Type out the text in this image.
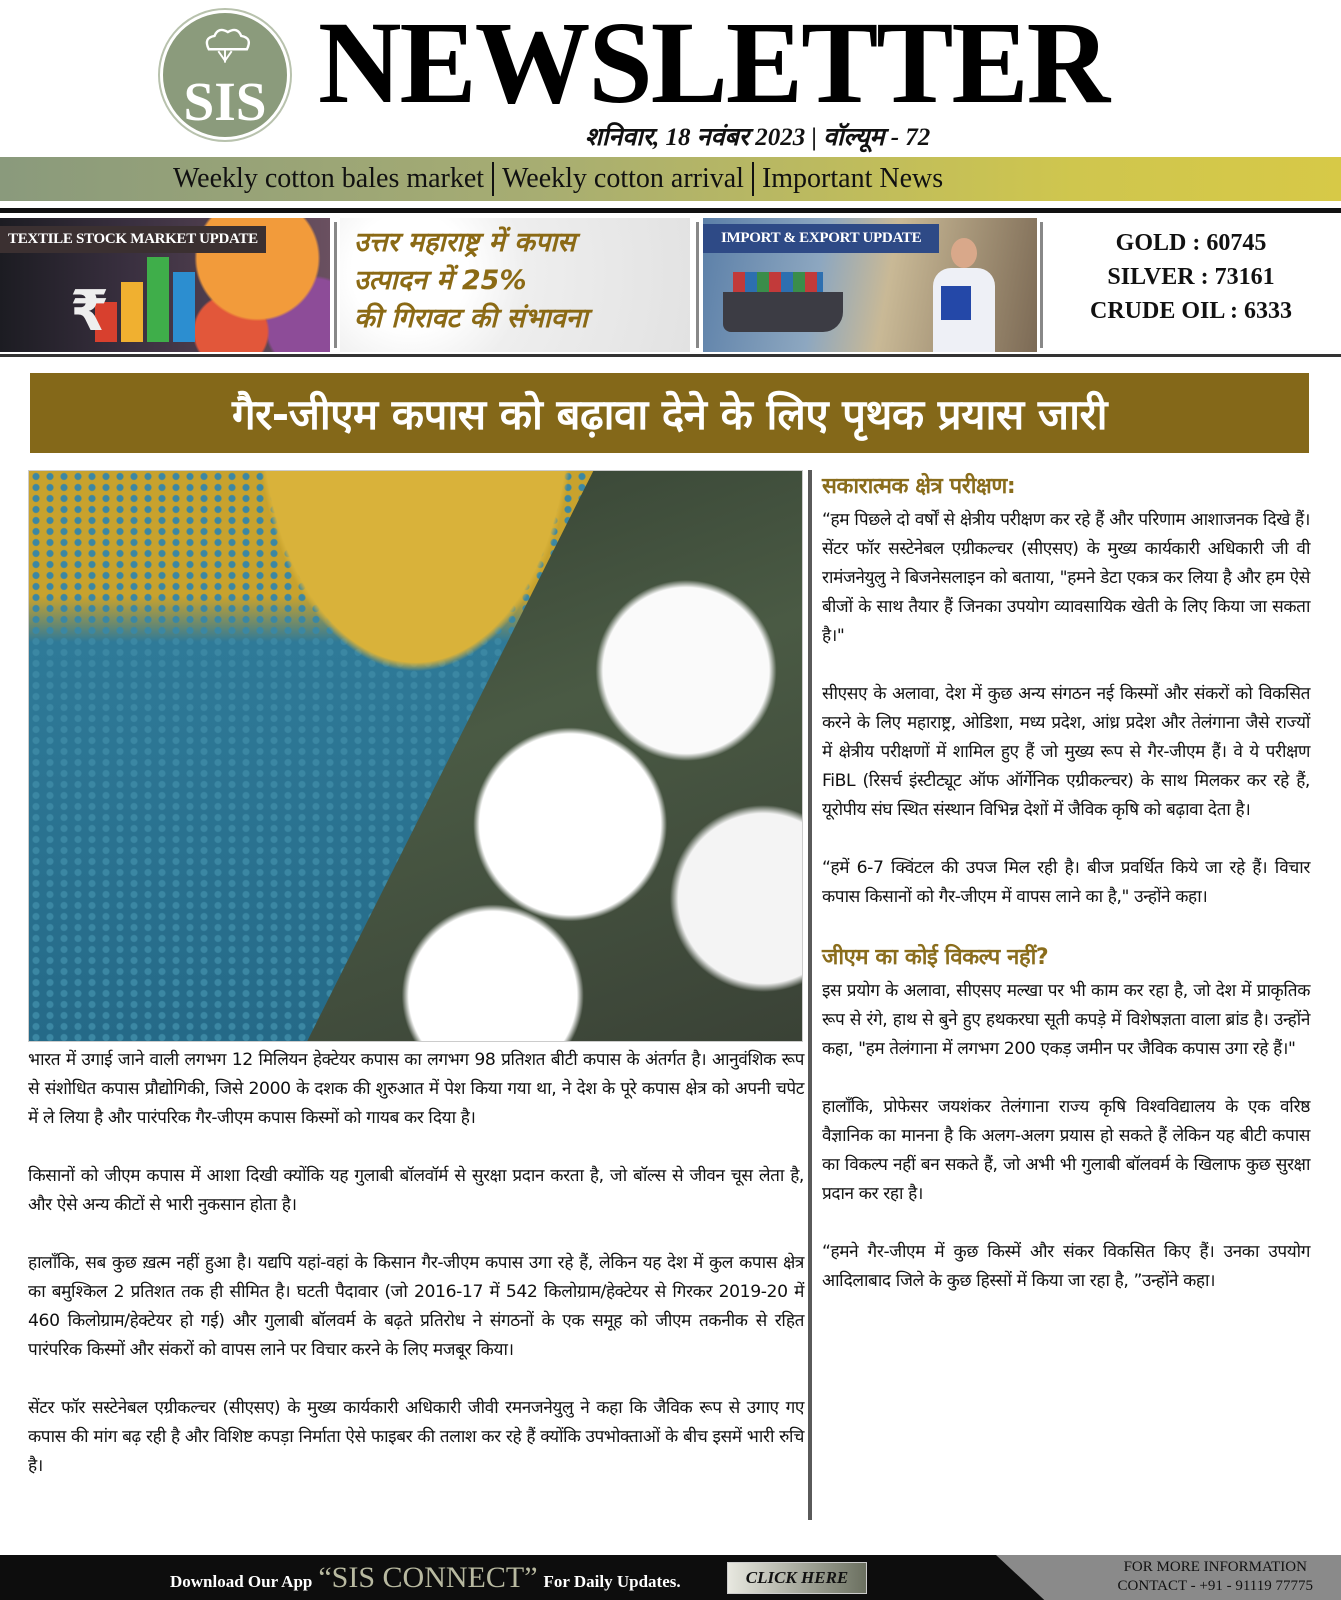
SIS NEWSLETTER
शनिवार, 18 नवंबर 2023 | वॉल्यूम - 72
Weekly cotton bales market Weekly cotton arrival Important News
₹
TEXTILE STOCK MARKET UPDATE	उत्तर महाराष्ट्र में कपास
उत्पादन में 25%
की गिरावट की संभावना
IMPORT & EXPORT UPDATE	GOLD : 60745
SILVER : 73161
CRUDE OIL : 6333
गैर-जीएम कपास को बढ़ावा देने के लिए पृथक प्रयास जारी

भारत में उगाई जाने वाली लगभग 12 मिलियन हेक्टेयर कपास का लगभग 98 प्रतिशत बीटी कपास के अंतर्गत है। आनुवंशिक रूप से संशोधित कपास प्रौद्योगिकी, जिसे 2000 के दशक की शुरुआत में पेश किया गया था, ने देश के पूरे कपास क्षेत्र को अपनी चपेट में ले लिया है और पारंपरिक गैर-जीएम कपास किस्मों को गायब कर दिया है।

किसानों को जीएम कपास में आशा दिखी क्योंकि यह गुलाबी बॉलवॉर्म से सुरक्षा प्रदान करता है, जो बॉल्स से जीवन चूस लेता है, और ऐसे अन्य कीटों से भारी नुकसान होता है।

हालाँकि, सब कुछ ख़त्म नहीं हुआ है। यद्यपि यहां-वहां के किसान गैर-जीएम कपास उगा रहे हैं, लेकिन यह देश में कुल कपास क्षेत्र का बमुश्किल 2 प्रतिशत तक ही सीमित है। घटती पैदावार (जो 2016-17 में 542 किलोग्राम/हेक्टेयर से गिरकर 2019-20 में 460 किलोग्राम/हेक्टेयर हो गई) और गुलाबी बॉलवर्म के बढ़ते प्रतिरोध ने संगठनों के एक समूह को जीएम तकनीक से रहित पारंपरिक किस्मों और संकरों को वापस लाने पर विचार करने के लिए मजबूर किया।

सेंटर फॉर सस्टेनेबल एग्रीकल्चर (सीएसए) के मुख्य कार्यकारी अधिकारी जीवी रमनजनेयुलु ने कहा कि जैविक रूप से उगाए गए कपास की मांग बढ़ रही है और विशिष्ट कपड़ा निर्माता ऐसे फाइबर की तलाश कर रहे हैं क्योंकि उपभोक्ताओं के बीच इसमें भारी रुचि है।

सकारात्मक क्षेत्र परीक्षण:

“हम पिछले दो वर्षों से क्षेत्रीय परीक्षण कर रहे हैं और परिणाम आशाजनक दिखे हैं। सेंटर फॉर सस्टेनेबल एग्रीकल्चर (सीएसए) के मुख्य कार्यकारी अधिकारी जी वी रामंजनेयुलु ने बिजनेसलाइन को बताया, "हमने डेटा एकत्र कर लिया है और हम ऐसे बीजों के साथ तैयार हैं जिनका उपयोग व्यावसायिक खेती के लिए किया जा सकता है।"

सीएसए के अलावा, देश में कुछ अन्य संगठन नई किस्मों और संकरों को विकसित करने के लिए महाराष्ट्र, ओडिशा, मध्य प्रदेश, आंध्र प्रदेश और तेलंगाना जैसे राज्यों में क्षेत्रीय परीक्षणों में शामिल हुए हैं जो मुख्य रूप से गैर-जीएम हैं। वे ये परीक्षण FiBL (रिसर्च इंस्टीट्यूट ऑफ ऑर्गेनिक एग्रीकल्चर) के साथ मिलकर कर रहे हैं, यूरोपीय संघ स्थित संस्थान विभिन्न देशों में जैविक कृषि को बढ़ावा देता है।

“हमें 6-7 क्विंटल की उपज मिल रही है। बीज प्रवर्धित किये जा रहे हैं। विचार कपास किसानों को गैर-जीएम में वापस लाने का है," उन्होंने कहा।

जीएम का कोई विकल्प नहीं?

इस प्रयोग के अलावा, सीएसए मल्खा पर भी काम कर रहा है, जो देश में प्राकृतिक रूप से रंगे, हाथ से बुने हुए हथकरघा सूती कपड़े में विशेषज्ञता वाला ब्रांड है। उन्होंने कहा, "हम तेलंगाना में लगभग 200 एकड़ जमीन पर जैविक कपास उगा रहे हैं।"

हालाँकि, प्रोफेसर जयशंकर तेलंगाना राज्य कृषि विश्वविद्यालय के एक वरिष्ठ वैज्ञानिक का मानना है कि अलग-अलग प्रयास हो सकते हैं लेकिन यह बीटी कपास का विकल्प नहीं बन सकते हैं, जो अभी भी गुलाबी बॉलवर्म के खिलाफ कुछ सुरक्षा प्रदान कर रहा है।

“हमने गैर-जीएम में कुछ किस्में और संकर विकसित किए हैं। उनका उपयोग आदिलाबाद जिले के कुछ हिस्सों में किया जा रहा है, ”उन्होंने कहा।

Download Our App “SIS CONNECT” For Daily Updates.	CLICK HERE
FOR MORE INFORMATION
CONTACT - +91 - 91119 77775
